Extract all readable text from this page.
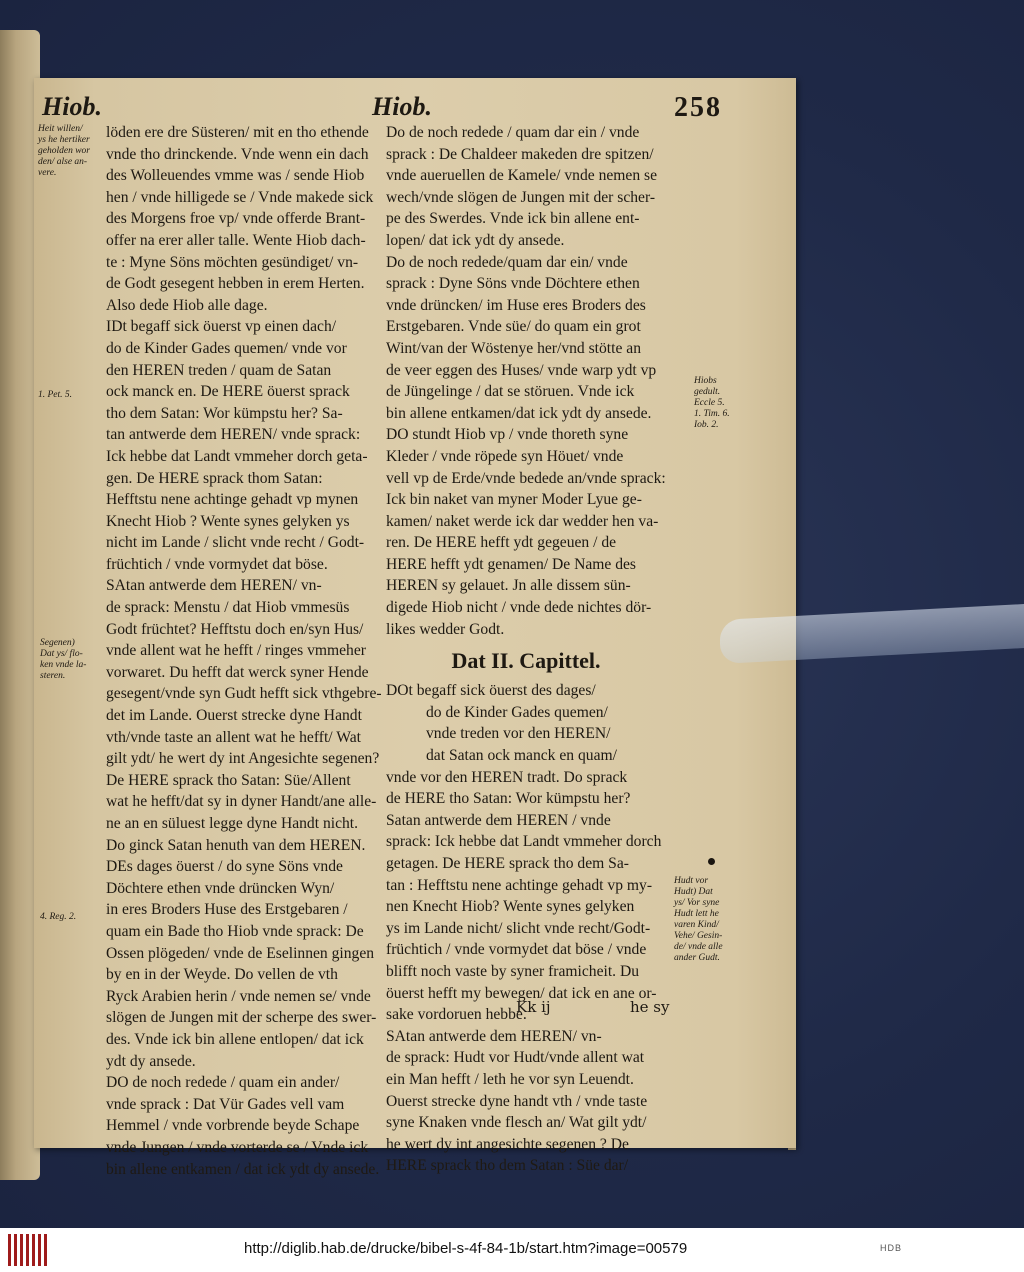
Hiob.	Hiob.	258
Heit willen/
ys he hertiker
geholden wor
den/ alse an-
vere.
1. Pet. 5.
Segenen)
Dat ys/ flo-
ken vnde la-
steren.
4. Reg. 2.
Hiobs
gedult.
Eccle 5.
1. Tim. 6.
Iob. 2.
Hudt vor
Hudt) Dat
ys/ Vor syne
Hudt lett he
varen Kind/
Vehe/ Gesin-
de/ vnde alle
ander Gudt.
löden ere dre Süsteren/ mit en tho ethende
vnde tho drinckende. Vnde wenn ein dach
des Wolleuendes vmme was / sende Hiob
hen / vnde hilligede se / Vnde makede sick
des Morgens froe vp/ vnde offerde Brant-
offer na erer aller talle. Wente Hiob dach-
te : Myne Söns möchten gesündiget/ vn-
de Godt gesegent hebben in erem Herten.
Also dede Hiob alle dage.
IDt begaff sick öuerst vp einen dach/
do de Kinder Gades quemen/ vnde vor
den HEREN treden / quam de Satan
ock manck en. De HERE öuerst sprack
tho dem Satan: Wor kümpstu her? Sa-
tan antwerde dem HEREN/ vnde sprack:
Ick hebbe dat Landt vmmeher dorch geta-
gen. De HERE sprack thom Satan:
Hefftstu nene achtinge gehadt vp mynen
Knecht Hiob ? Wente synes gelyken ys
nicht im Lande / slicht vnde recht / Godt-
früchtich / vnde vormydet dat böse.
SAtan antwerde dem HEREN/ vn-
de sprack: Menstu / dat Hiob vmmesüs
Godt früchtet? Hefftstu doch en/syn Hus/
vnde allent wat he hefft / ringes vmmeher
vorwaret. Du hefft dat werck syner Hende
gesegent/vnde syn Gudt hefft sick vthgebre-
det im Lande. Ouerst strecke dyne Handt
vth/vnde taste an allent wat he hefft/ Wat
gilt ydt/ he wert dy int Angesichte segenen?
De HERE sprack tho Satan: Süe/Allent
wat he hefft/dat sy in dyner Handt/ane alle-
ne an en süluest legge dyne Handt nicht.
Do ginck Satan henuth van dem HEREN.
DEs dages öuerst / do syne Söns vnde
Döchtere ethen vnde drüncken Wyn/
in eres Broders Huse des Erstgebaren /
quam ein Bade tho Hiob vnde sprack: De
Ossen plögeden/ vnde de Eselinnen gingen
by en in der Weyde. Do vellen de vth
Ryck Arabien herin / vnde nemen se/ vnde
slögen de Jungen mit der scherpe des swer-
des. Vnde ick bin allene entlopen/ dat ick
ydt dy ansede.
DO de noch redede / quam ein ander/
vnde sprack : Dat Vür Gades vell vam
Hemmel / vnde vorbrende beyde Schape
vnde Jungen / vnde vorterde se / Vnde ick
bin allene entkamen / dat ick ydt dy ansede.
Do de noch redede / quam dar ein / vnde
sprack : De Chaldeer makeden dre spitzen/
vnde aueruellen de Kamele/ vnde nemen se
wech/vnde slögen de Jungen mit der scher-
pe des Swerdes. Vnde ick bin allene ent-
lopen/ dat ick ydt dy ansede.
Do de noch redede/quam dar ein/ vnde
sprack : Dyne Söns vnde Döchtere ethen
vnde drüncken/ im Huse eres Broders des
Erstgebaren. Vnde süe/ do quam ein grot
Wint/van der Wöstenye her/vnd stötte an
de veer eggen des Huses/ vnde warp ydt vp
de Jüngelinge / dat se störuen. Vnde ick
bin allene entkamen/dat ick ydt dy ansede.
DO stundt Hiob vp / vnde thoreth syne
Kleder / vnde röpede syn Höuet/ vnde
vell vp de Erde/vnde bedede an/vnde sprack:
Ick bin naket van myner Moder Lyue ge-
kamen/ naket werde ick dar wedder hen va-
ren. De HERE hefft ydt gegeuen / de
HERE hefft ydt genamen/ De Name des
HEREN sy gelauet. Jn alle dissem sün-
digede Hiob nicht / vnde dede nichtes dör-
likes wedder Godt.
Dat II. Capittel.
DOt begaff sick öuerst des dages/
do de Kinder Gades quemen/
vnde treden vor den HEREN/
dat Satan ock manck en quam/
vnde vor den HEREN tradt. Do sprack
de HERE tho Satan: Wor kümpstu her?
Satan antwerde dem HEREN / vnde
sprack: Ick hebbe dat Landt vmmeher dorch
getagen. De HERE sprack tho dem Sa-
tan : Hefftstu nene achtinge gehadt vp my-
nen Knecht Hiob? Wente synes gelyken
ys im Lande nicht/ slicht vnde recht/Godt-
früchtich / vnde vormydet dat böse / vnde
blifft noch vaste by syner framicheit. Du
öuerst hefft my bewegen/ dat ick en ane or-
sake vordoruen hebbe.
SAtan antwerde dem HEREN/ vn-
de sprack: Hudt vor Hudt/vnde allent wat
ein Man hefft / leth he vor syn Leuendt.
Ouerst strecke dyne handt vth / vnde taste
syne Knaken vnde flesch an/ Wat gilt ydt/
he wert dy int angesichte segenen ? De
HERE sprack tho dem Satan : Süe dar/
Kk ij	he sy
http://diglib.hab.de/drucke/bibel-s-4f-84-1b/start.htm?image=00579	HDB
